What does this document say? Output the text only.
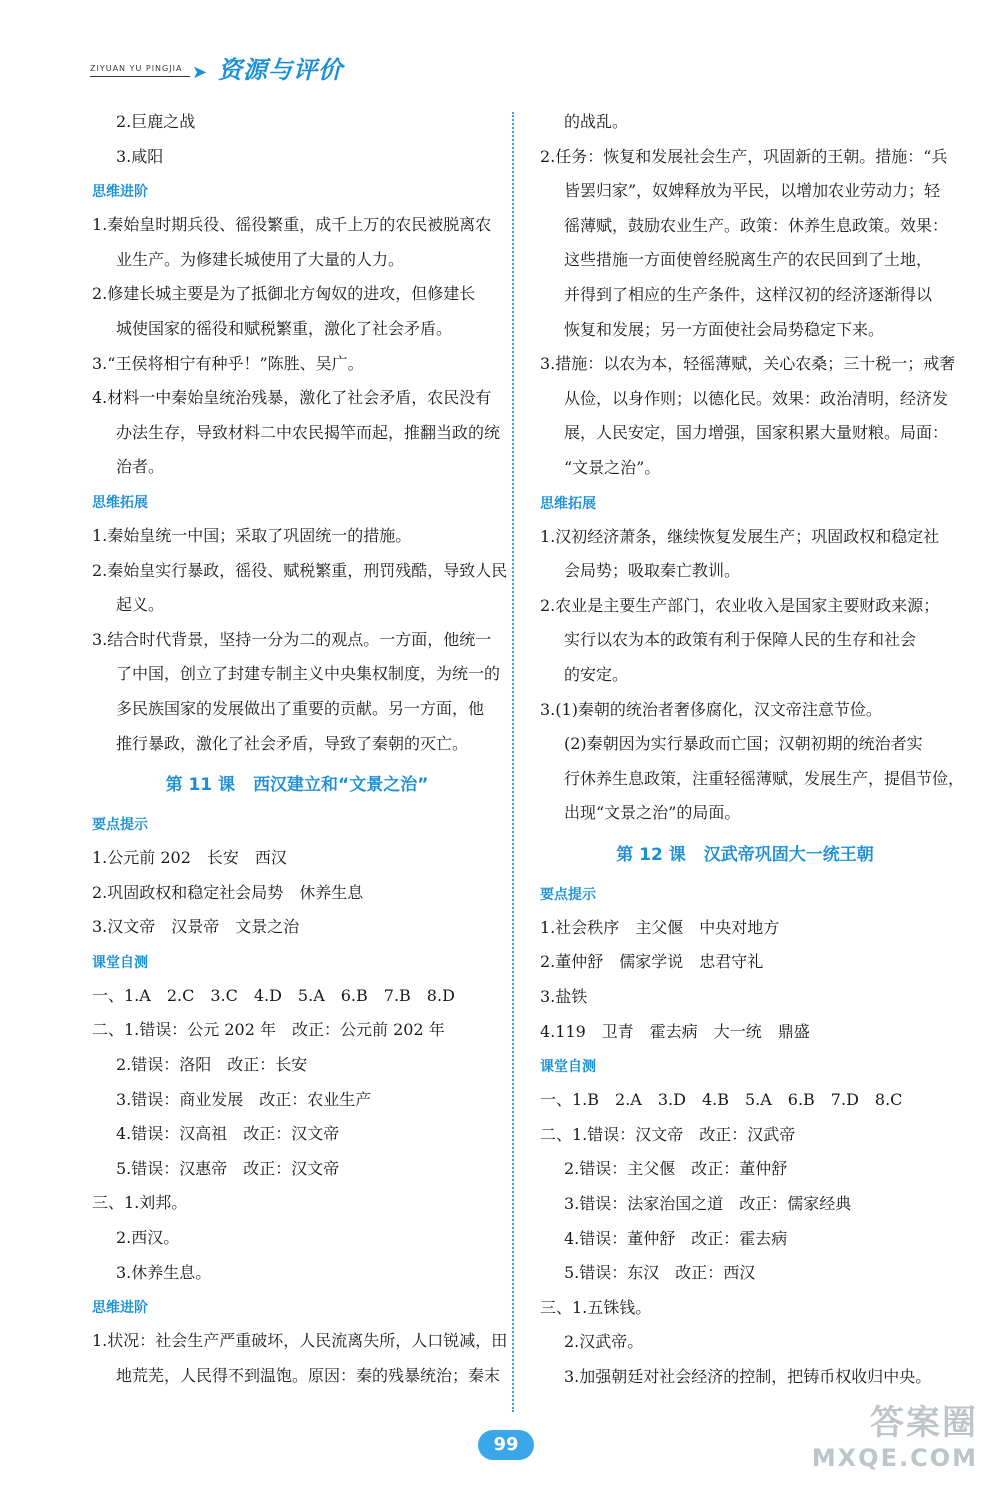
ZIYUAN YU PINGJIA ➤ 资源与评价
2.巨鹿之战
3.咸阳
思维进阶
1.秦始皇时期兵役、徭役繁重，成千上万的农民被脱离农
业生产。为修建长城使用了大量的人力。
2.修建长城主要是为了抵御北方匈奴的进攻，但修建长
城使国家的徭役和赋税繁重，激化了社会矛盾。
3.“王侯将相宁有种乎！”陈胜、吴广。
4.材料一中秦始皇统治残暴，激化了社会矛盾，农民没有
办法生存，导致材料二中农民揭竿而起，推翻当政的统
治者。
思维拓展
1.秦始皇统一中国；采取了巩固统一的措施。
2.秦始皇实行暴政，徭役、赋税繁重，刑罚残酷，导致人民
起义。
3.结合时代背景，坚持一分为二的观点。一方面，他统一
了中国，创立了封建专制主义中央集权制度，为统一的
多民族国家的发展做出了重要的贡献。另一方面，他
推行暴政，激化了社会矛盾，导致了秦朝的灭亡。
第 11 课 西汉建立和“文景之治”
要点提示
1.公元前 202　长安　西汉
2.巩固政权和稳定社会局势　休养生息
3.汉文帝　汉景帝　文景之治
课堂自测
一、1.A　2.C　3.C　4.D　5.A　6.B　7.B　8.D
二、1.错误：公元 202 年　改正：公元前 202 年
2.错误：洛阳　改正：长安
3.错误：商业发展　改正：农业生产
4.错误：汉高祖　改正：汉文帝
5.错误：汉惠帝　改正：汉文帝
三、1.刘邦。
2.西汉。
3.休养生息。
思维进阶
1.状况：社会生产严重破坏，人民流离失所，人口锐减，田
地荒芜，人民得不到温饱。原因：秦的残暴统治；秦末
的战乱。
2.任务：恢复和发展社会生产，巩固新的王朝。措施：“兵
皆罢归家”，奴婢释放为平民，以增加农业劳动力；轻
徭薄赋，鼓励农业生产。政策：休养生息政策。效果：
这些措施一方面使曾经脱离生产的农民回到了土地，
并得到了相应的生产条件，这样汉初的经济逐渐得以
恢复和发展；另一方面使社会局势稳定下来。
3.措施：以农为本，轻徭薄赋，关心农桑；三十税一；戒奢
从俭，以身作则；以德化民。效果：政治清明，经济发
展，人民安定，国力增强，国家积累大量财粮。局面：
“文景之治”。
思维拓展
1.汉初经济萧条，继续恢复发展生产；巩固政权和稳定社
会局势；吸取秦亡教训。
2.农业是主要生产部门，农业收入是国家主要财政来源；
实行以农为本的政策有利于保障人民的生存和社会
的安定。
3.(1)秦朝的统治者奢侈腐化，汉文帝注意节俭。
(2)秦朝因为实行暴政而亡国；汉朝初期的统治者实
行休养生息政策，注重轻徭薄赋，发展生产，提倡节俭，
出现“文景之治”的局面。
第 12 课 汉武帝巩固大一统王朝
要点提示
1.社会秩序　主父偃　中央对地方
2.董仲舒　儒家学说　忠君守礼
3.盐铁
4.119　卫青　霍去病　大一统　鼎盛
课堂自测
一、1.B　2.A　3.D　4.B　5.A　6.B　7.D　8.C
二、1.错误：汉文帝　改正：汉武帝
2.错误：主父偃　改正：董仲舒
3.错误：法家治国之道　改正：儒家经典
4.错误：董仲舒　改正：霍去病
5.错误：东汉　改正：西汉
三、1.五铢钱。
2.汉武帝。
3.加强朝廷对社会经济的控制，把铸币权收归中央。
99
答案圈
MXQE.COM
